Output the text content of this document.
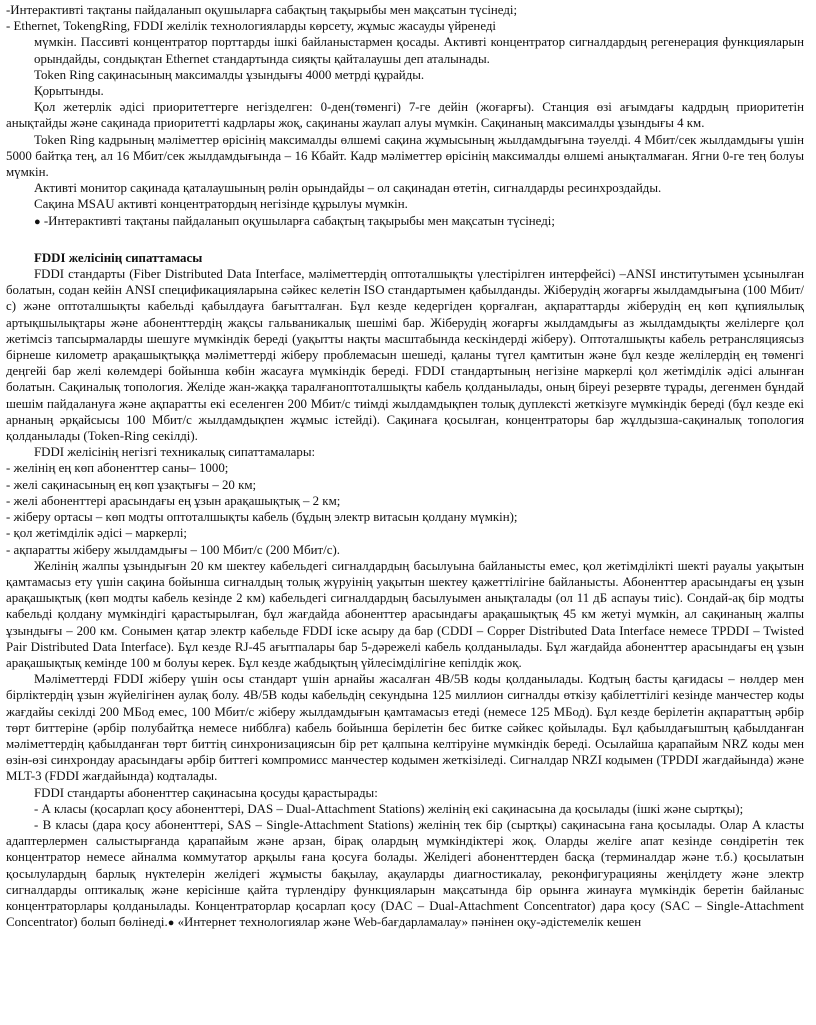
-Интерактивті тақтаны пайдаланып оқушыларға сабақтың тақырыбы мен мақсатын түсінеді;

- Ethernet, TokengRing, FDDI желілік технологияларды көрсету, жұмыс жасауды үйренеді

мүмкін. Пассивті концентратор порттарды ішкі байланыстармен қосады. Активті концентратор сигналдардың регенерация функцияларын орындайды, сондықтан Ethernet стандартында сияқты қайталаушы деп аталынады.

Token Ring сақинасының максималды ұзындығы 4000 метрді құрайды.

Қорытынды.

Қол жетерлік әдісі приоритеттерге негізделген: 0-ден(төменгі) 7-ге дейін (жоғарғы). Станция өзі ағымдағы кадрдың приоритетін анықтайды және сақинада приоритетті кадрлары жоқ, сақинаны жаулап алуы мүмкін. Сақинаның максималды ұзындығы 4 км.

Token Ring кадрының мәліметтер өрісінің максималды өлшемі сақина жұмысының жылдамдығына тәуелді. 4 Мбит/сек жылдамдығы үшін 5000 байтқа тең, ал 16 Мбит/сек жылдамдығында – 16 Кбайт. Кадр мәліметтер өрісінің максималды өлшемі анықталмаған. Ягни 0-ге тең болуы мүмкін.

Активті монитор сақинада қаталаушының рөлін орындайды – ол сақинадан өтетін, сигналдарды ресинхроздайды.

Сақина MSAU активті концентратордың негізінде құрылуы мүмкін.

● -Интерактивті тақтаны пайдаланып оқушыларға сабақтың тақырыбы мен мақсатын түсінеді;

FDDI желісінің сипаттамасы

FDDI стандарты (Fiber Distributed Data Interface, мәліметтердің оптоталшықты үлестірілген интерфейсі) –ANSI институтымен ұсынылған болатын, содан кейін ANSI спецификацияларына сәйкес келетін ISO стандартымен қабылданды. Жіберудің жоғарғы жылдамдығына (100 Мбит/с) және оптоталшықты кабельді қабылдауға бағытталған. Бұл кезде кедергіден қорғалған, ақпараттарды жіберудің ең көп құпиялылық артықшылықтары және абоненттердің жақсы гальваникалық шешімі бар. Жіберудің жоғарғы жылдамдығы аз жылдамдықты желілерге қол жетімсіз тапсырмаларды шешуге мүмкіндік береді (уақытты нақты масштабында кескіндерді жіберу). Оптоталшықты кабель ретрансляциясыз бірнеше километр арақашықтыққа мәліметтерді жіберу проблемасын шешеді, қаланы түгел қамтитын және бұл кезде желілердің ең төменгі деңгейі бар желі көлемдері бойынша көбін жасауға мүмкіндік береді. FDDI стандартының негізіне маркерлі қол жетімділік әдісі алынған болатын. Сақиналық топология. Желіде жан-жаққа таралғаноптоталшықты кабель қолданылады, оның біреуі резервте тұрады, дегенмен бұндай шешім пайдалануға және ақпаратты екі еселенген 200 Мбит/с тиімді жылдамдықпен толық дуплексті жеткізуге мүмкіндік береді (бұл кезде екі арнаның әрқайсысы 100 Мбит/с жылдамдықпен жұмыс істейді). Сақинаға қосылған, концентраторы бар жұлдызша-сақиналық топология қолданылады (Token-Ring секілді).

FDDI желісінің негізгі техникалық сипаттамалары:

- желінің ең көп абоненттер саны– 1000;

- желі сақинасының ең көп ұзақтығы – 20 км;

- желі абоненттері арасындағы ең ұзын арақашықтық – 2 км;

- жіберу ортасы – көп модты оптоталшықты кабель (бұдың электр витасын қолдану мүмкін);

- қол жетімділік әдісі – маркерлі;

- ақпаратты жіберу жылдамдығы – 100 Мбит/с (200 Мбит/с).

Желінің жалпы ұзындығын 20 км шектеу кабельдегі сигналдардың басылуына байланысты емес, қол жетімділікті шекті рауалы уақытын қамтамасыз ету үшін сақина бойынша сигналдың толық жүруінің уақытын шектеу қажеттілігіне байланысты. Абоненттер арасындағы ең ұзын арақашықтық (көп модты кабель кезінде 2 км) кабельдегі сигналдардың басылуымен анықталады (ол 11 дБ аспауы тиіс). Сондай-ақ бір модты кабельді қолдану мүмкіндігі қарастырылған, бұл жағдайда абоненттер арасындағы арақашықтық 45 км жетуі мүмкін, ал сақинаның жалпы ұзындығы – 200 км. Сонымен қатар электр кабельде FDDI іске асыру да бар (CDDI – Copper Distributed Data Interface немесе TPDDI – Twisted Pair Distributed Data Interface). Бұл кезде RJ-45 ағытпалары бар 5-дәрежелі кабель қолданылады. Бұл жағдайда абоненттер арасындағы ең ұзын арақашықтық кемінде 100 м болуы керек. Бұл кезде жабдықтың үйлесімділігіне кепілдік жоқ.

Мәліметтерді FDDI жіберу үшін осы стандарт үшін арнайы жасалған 4В/5В коды қолданылады. Кодтың басты қағидасы – нөлдер мен бірліктердің ұзын жүйелігінен аулақ болу. 4В/5В коды кабельдің секундына 125 миллион сигналды өткізу қабілеттілігі кезінде манчестер коды жағдайы секілді 200 МБод емес, 100 Мбит/с жіберу жылдамдығын қамтамасыз етеді (немесе 125 МБод). Бұл кезде берілетін ақпараттың әрбір төрт биттеріне (әрбір полубайтқа немесе нибблға) кабель бойынша берілетін бес битке сәйкес қойылады. Бұл қабылдағыштың қабылданған мәліметтердің қабылданған төрт биттің синхронизациясын бір рет қалпына келтіруіне мүмкіндік береді. Осылайша қарапайым NRZ коды мен өзін-өзі синхрондау арасындағы әрбір биттегі компромисс манчестер кодымен жеткізіледі. Сигналдар NRZI кодымен (TPDDI жағдайында) және MLT-3 (FDDI жағдайында) кодталады.

FDDI стандарты абоненттер сақинасына қосуды қарастырады:

- А класы (қосарлап қосу абоненттері, DAS – Dual-Attachment Stations) желінің екі сақинасына да қосылады (ішкі және сыртқы);

- В класы (дара қосу абоненттері, SAS – Single-Attachment Stations) желінің тек бір (сыртқы) сақинасына ғана қосылады. Олар А класты адаптерлермен салыстырғанда қарапайым және арзан, бірақ олардың мүмкіндіктері жоқ. Оларды желіге апат кезінде сөндіретін тек концентратор немесе айналма коммутатор арқылы ғана қосуға болады. Желідегі абоненттерден басқа (терминалдар және т.б.) қосылатын қосылулардың барлық нүктелерін желідегі жұмысты бақылау, ақауларды диагностикалау, реконфигурацияны жеңілдету және электр сигналдарды оптикалық және керісінше қайта түрлендіру функцияларын мақсатында бір орынға жинауға мүмкіндік беретін байланыс концентраторлары қолданылады. Концентраторлар қосарлап қосу (DAC – Dual-Attachment Concentrator) дара қосу (SAC – Single-Attachment Concentrator) болып бөлінеді.● «Интернет технологиялар және Web-бағдарламалау» пәнінен оқу-әдістемелік кешен
